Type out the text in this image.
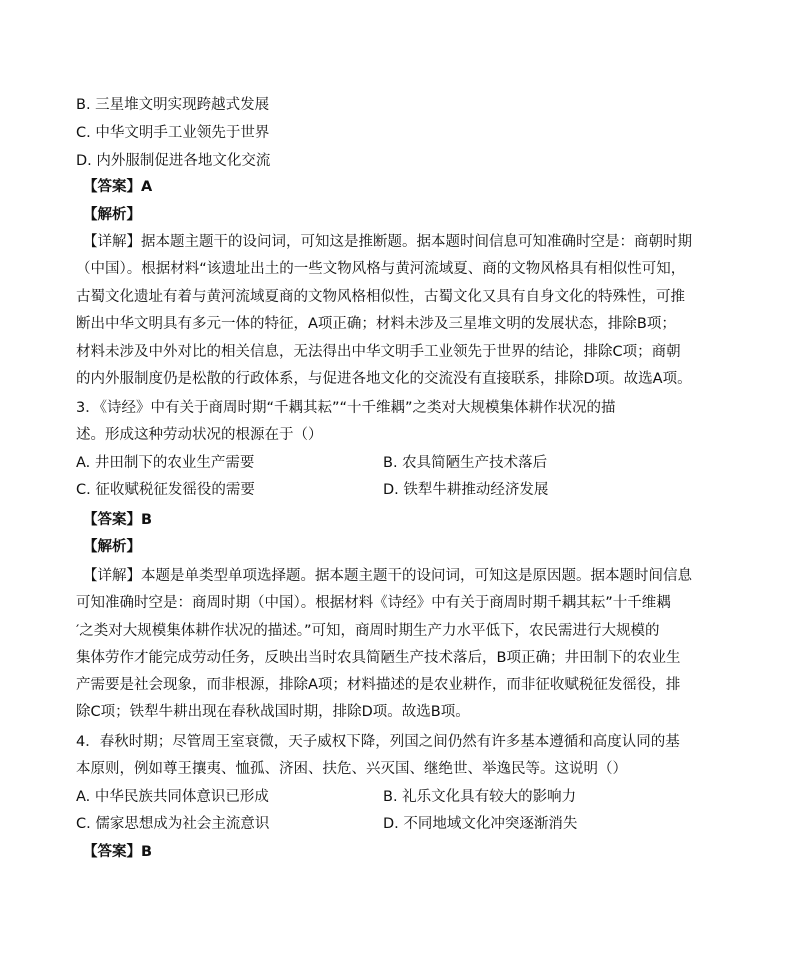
B. 三星堆文明实现跨越式发展
C. 中华文明手工业领先于世界
D. 内外服制促进各地文化交流
【答案】A
【解析】
【详解】据本题主题干的设问词，可知这是推断题。据本题时间信息可知准确时空是：商朝时期
（中国）。根据材料“该遗址出土的一些文物风格与黄河流域夏、商的文物风格具有相似性可知，
古蜀文化遗址有着与黄河流域夏商的文物风格相似性，古蜀文化又具有自身文化的特殊性，可推
断出中华文明具有多元一体的特征，A项正确；材料未涉及三星堆文明的发展状态，排除B项；
材料未涉及中外对比的相关信息，无法得出中华文明手工业领先于世界的结论，排除C项；商朝
的内外服制度仍是松散的行政体系，与促进各地文化的交流没有直接联系，排除D项。故选A项。
3．《诗经》中有关于商周时期“千耦其耘”“十千维耦”之类对大规模集体耕作状况的描
述。形成这种劳动状况的根源在于（）
A. 井田制下的农业生产需要	B. 农具简陋生产技术落后
C. 征收赋税征发徭役的需要	D. 铁犁牛耕推动经济发展
【答案】B
【解析】
【详解】本题是单类型单项选择题。据本题主题干的设问词，可知这是原因题。据本题时间信息
可知准确时空是：商周时期（中国）。根据材料《诗经》中有关于商周时期千耦其耘”十千维耦
′之类对大规模集体耕作状况的描述。”可知，商周时期生产力水平低下，农民需进行大规模的
集体劳作才能完成劳动任务，反映出当时农具简陋生产技术落后，B项正确；井田制下的农业生
产需要是社会现象，而非根源，排除A项；材料描述的是农业耕作，而非征收赋税征发徭役，排
除C项；铁犁牛耕出现在春秋战国时期，排除D项。故选B项。
4．春秋时期；尽管周王室衰微，天子威权下降，列国之间仍然有许多基本遵循和高度认同的基
本原则，例如尊王攘夷、恤孤、济困、扶危、兴灭国、继绝世、举逸民等。这说明（）
A. 中华民族共同体意识已形成	B. 礼乐文化具有较大的影响力
C. 儒家思想成为社会主流意识	D. 不同地域文化冲突逐渐消失
【答案】B
